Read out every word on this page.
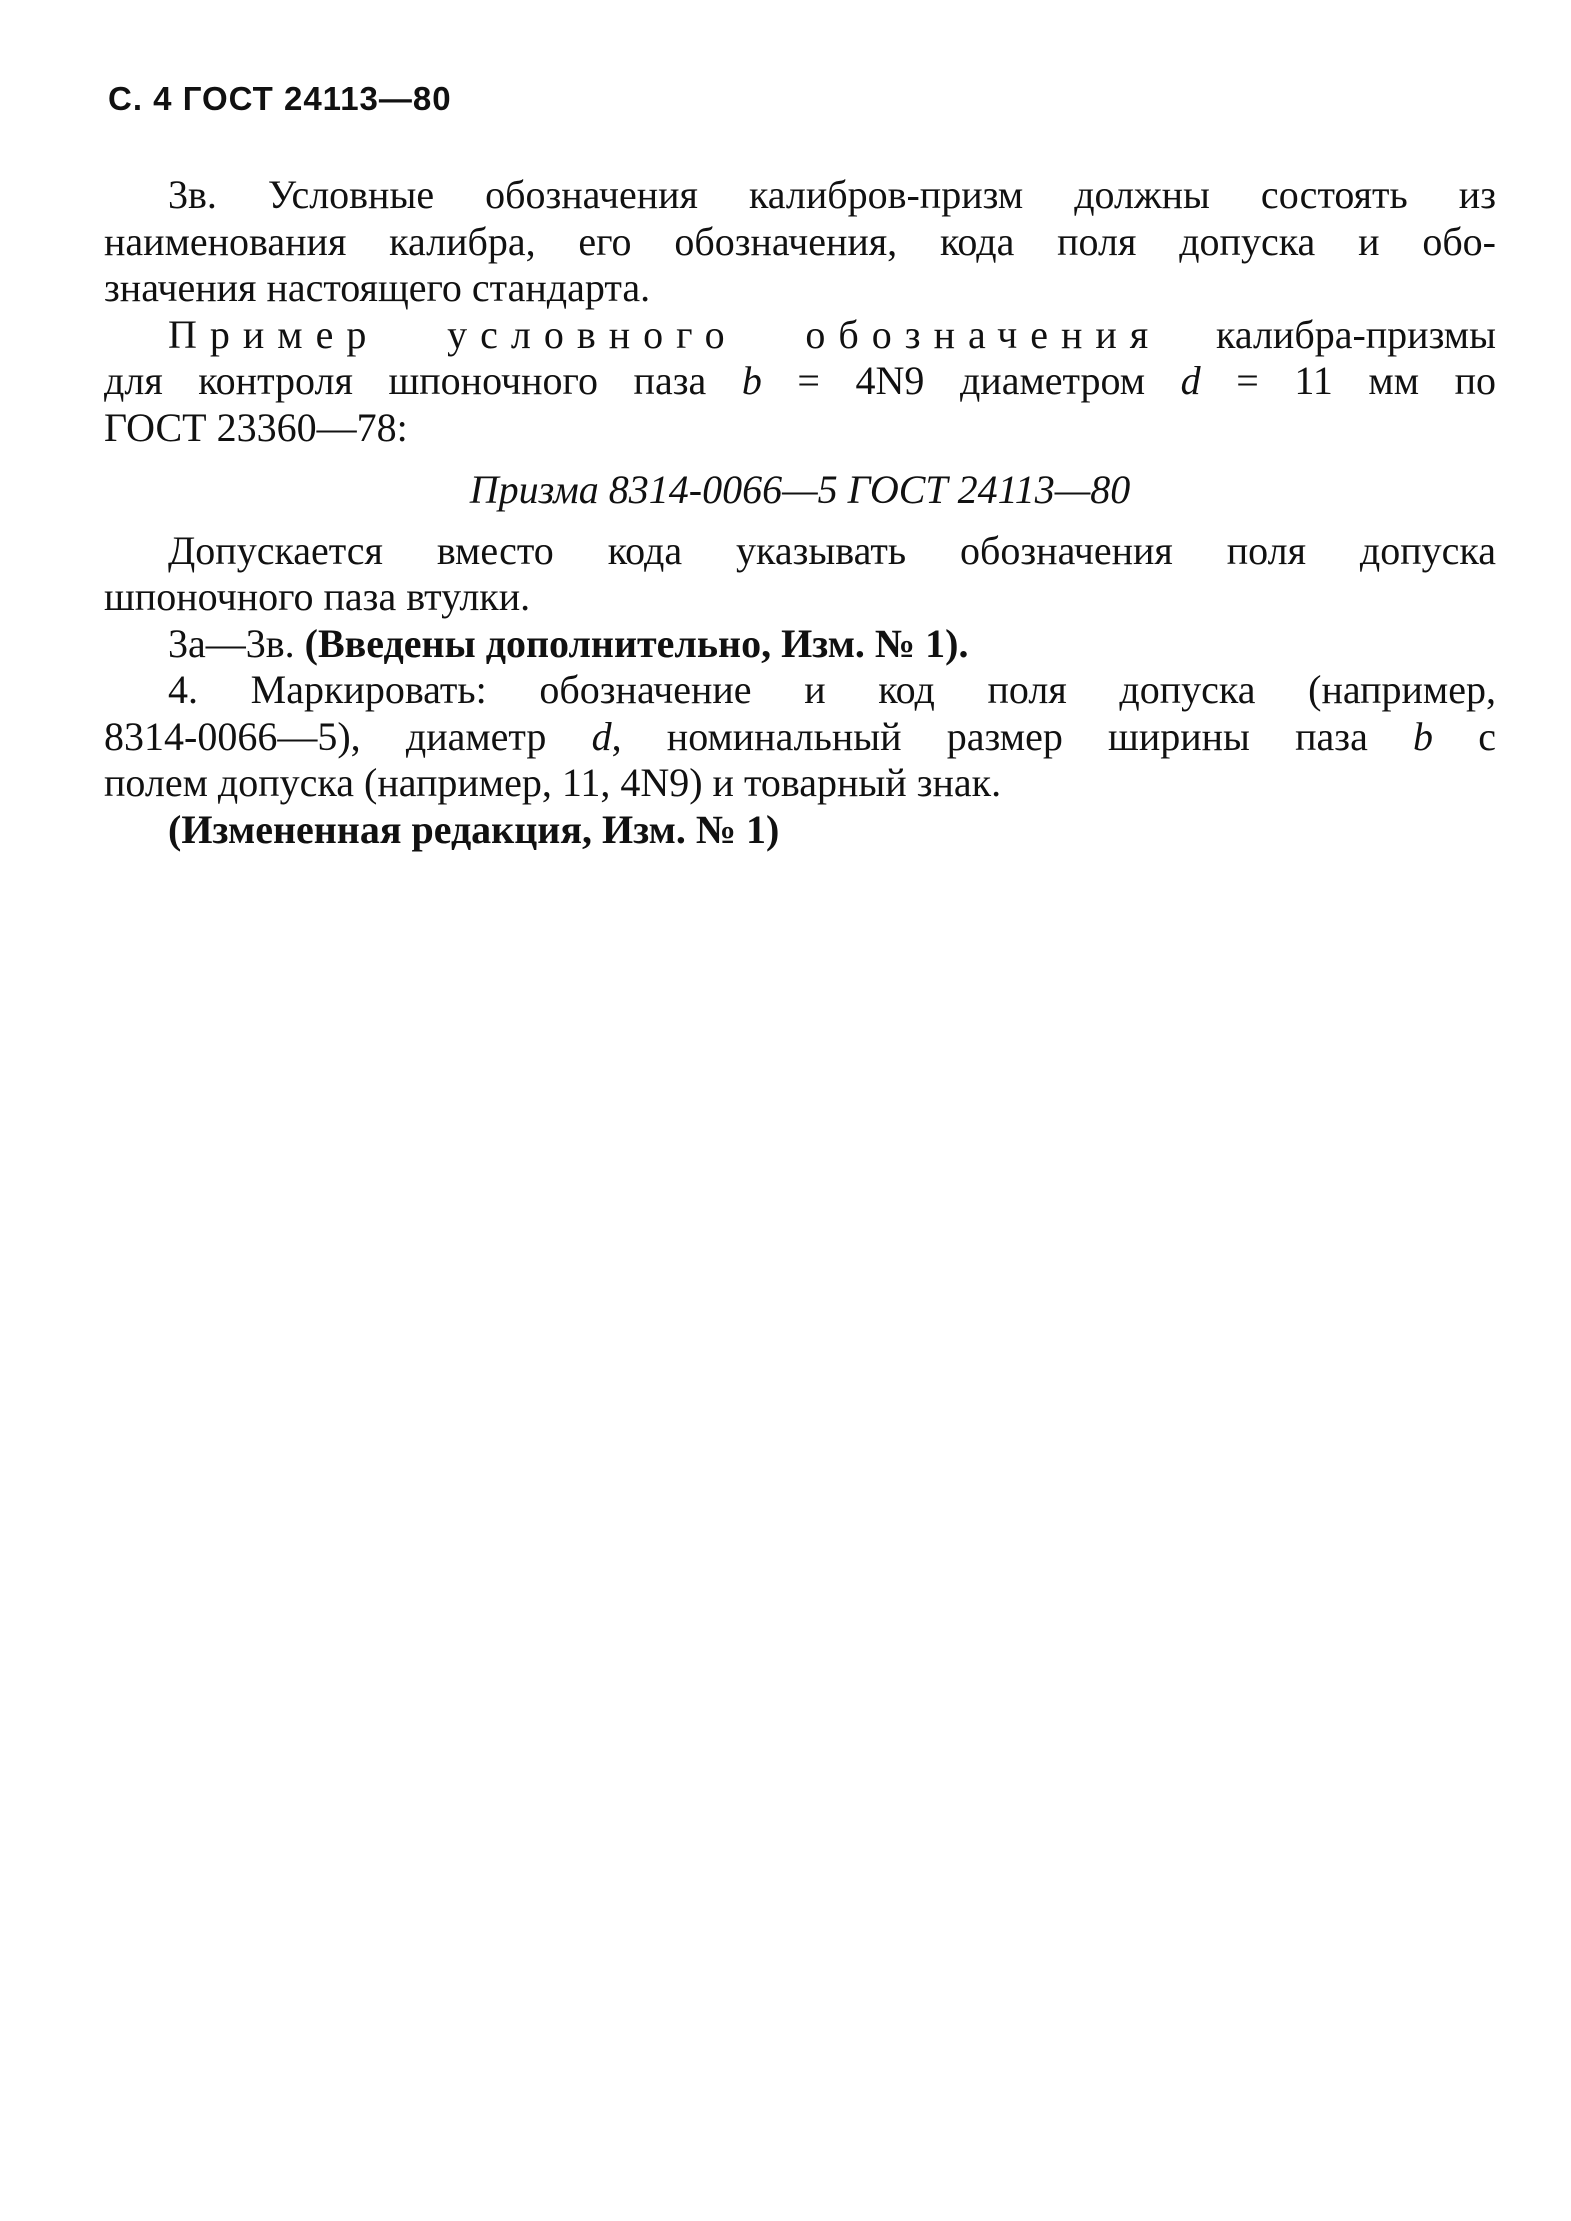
С. 4 ГОСТ 24113—80

3в. Условные обозначения калибров-призм должны состоять из

наименования калибра, его обозначения, кода поля допуска и обо-

значения настоящего стандарта.

Пример условного обозначения калибра-призмы

для контроля шпоночного паза b = 4N9 диаметром d = 11 мм по

ГОСТ 23360—78:

Призма 8314-0066—5 ГОСТ 24113—80

Допускается вместо кода указывать обозначения поля допуска

шпоночного паза втулки.

3а—3в. (Введены дополнительно, Изм. № 1).

4. Маркировать: обозначение и код поля допуска (например,

8314-0066—5), диаметр d, номинальный размер ширины паза b с

полем допуска (например, 11, 4N9) и товарный знак.

(Измененная редакция, Изм. № 1)
